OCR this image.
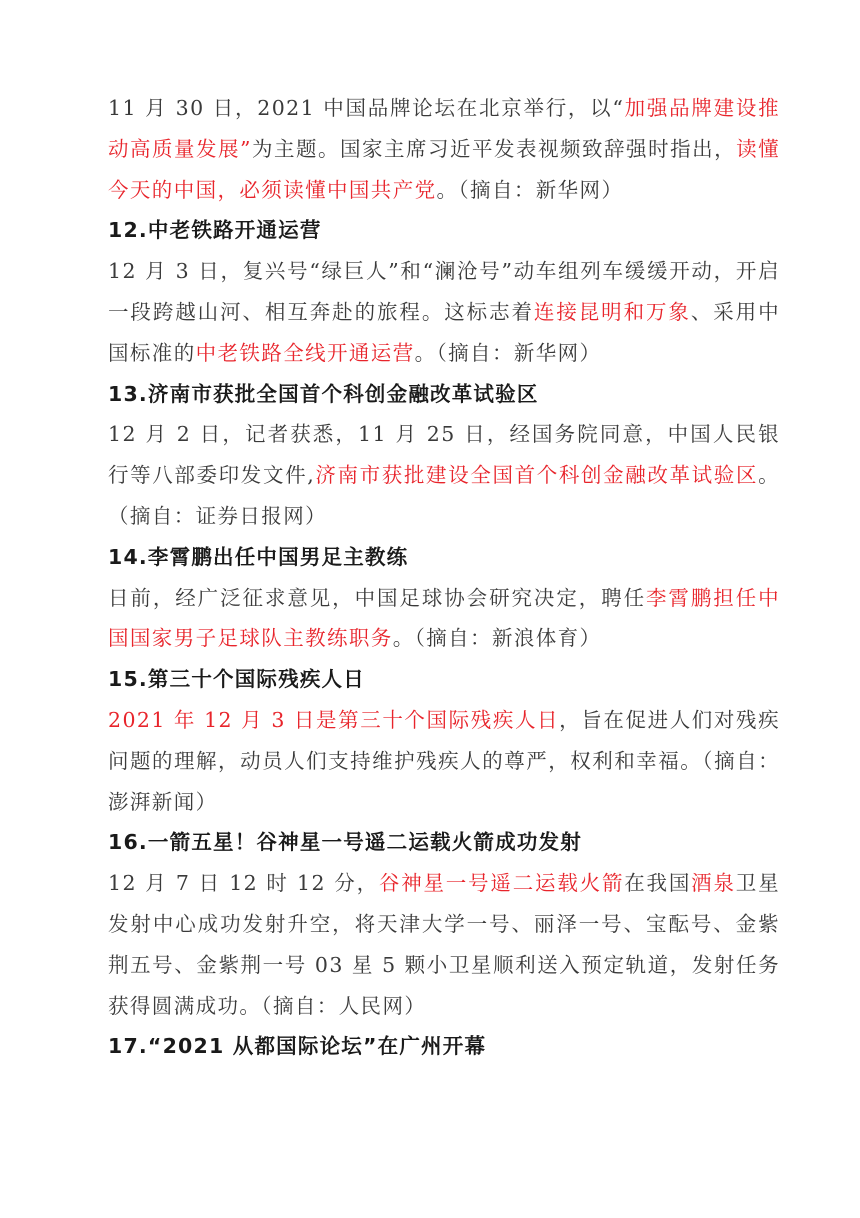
11 月 30 日，2021 中国品牌论坛在北京举行，以“加强品牌建设推动高质量发展”为主题。国家主席习近平发表视频致辞强时指出，读懂今天的中国，必须读懂中国共产党。（摘自：新华网）
12.中老铁路开通运营
12 月 3 日，复兴号“绿巨人”和“澜沧号”动车组列车缓缓开动，开启一段跨越山河、相互奔赴的旅程。这标志着连接昆明和万象、采用中国标准的中老铁路全线开通运营。（摘自：新华网）
13.济南市获批全国首个科创金融改革试验区
12 月 2 日，记者获悉，11 月 25 日，经国务院同意，中国人民银行等八部委印发文件,济南市获批建设全国首个科创金融改革试验区。（摘自：证券日报网）
14.李霄鹏出任中国男足主教练
日前，经广泛征求意见，中国足球协会研究决定，聘任李霄鹏担任中国国家男子足球队主教练职务。（摘自：新浪体育）
15.第三十个国际残疾人日
2021 年 12 月 3 日是第三十个国际残疾人日，旨在促进人们对残疾问题的理解，动员人们支持维护残疾人的尊严，权利和幸福。（摘自：澎湃新闻）
16.一箭五星！谷神星一号遥二运载火箭成功发射
12 月 7 日 12 时 12 分，谷神星一号遥二运载火箭在我国酒泉卫星发射中心成功发射升空，将天津大学一号、丽泽一号、宝酝号、金紫荆五号、金紫荆一号 03 星 5 颗小卫星顺利送入预定轨道，发射任务获得圆满成功。（摘自：人民网）
17.“2021 从都国际论坛”在广州开幕
